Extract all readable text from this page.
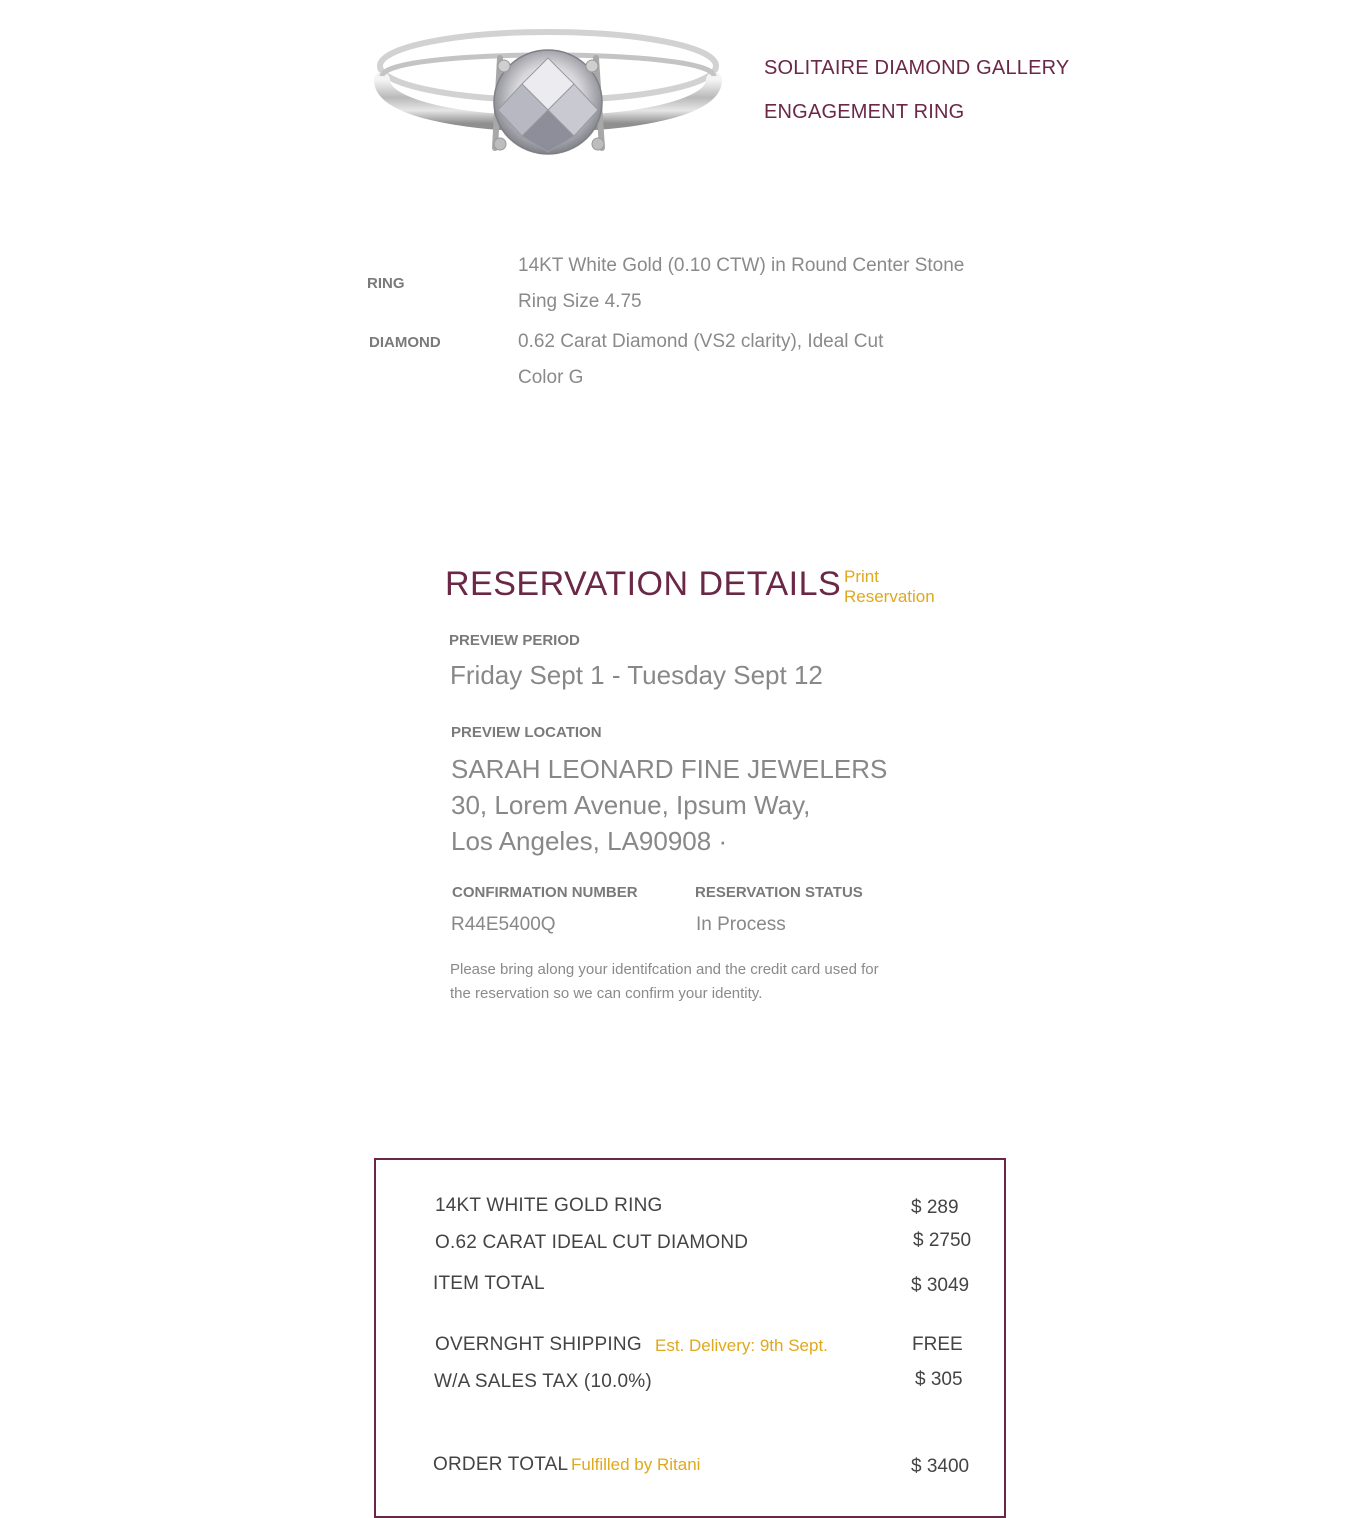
SOLITAIRE DIAMOND GALLERY
ENGAGEMENT RING
RING
14KT White Gold (0.10 CTW) in Round Center Stone
Ring Size 4.75
DIAMOND	0.62 Carat Diamond (VS2 clarity), Ideal Cut
Color G
RESERVATION DETAILS Print Reservation
PREVIEW PERIOD
Friday Sept 1 - Tuesday Sept 12
PREVIEW LOCATION
SARAH LEONARD FINE JEWELERS
30, Lorem Avenue, Ipsum Way,
Los Angeles, LA90908 ·
CONFIRMATION NUMBER	RESERVATION STATUS
R44E5400Q	In Process
Please bring along your identifcation and the credit card used for the reservation so we can confirm your identity.
14KT WHITE GOLD RING	$ 289
O.62 CARAT IDEAL CUT DIAMOND	$ 2750
ITEM TOTAL	$ 3049
OVERNGHT SHIPPING Est. Delivery: 9th Sept.	FREE
W/A SALES TAX (10.0%)	$ 305
ORDER TOTAL Fulfilled by Ritani	$ 3400
